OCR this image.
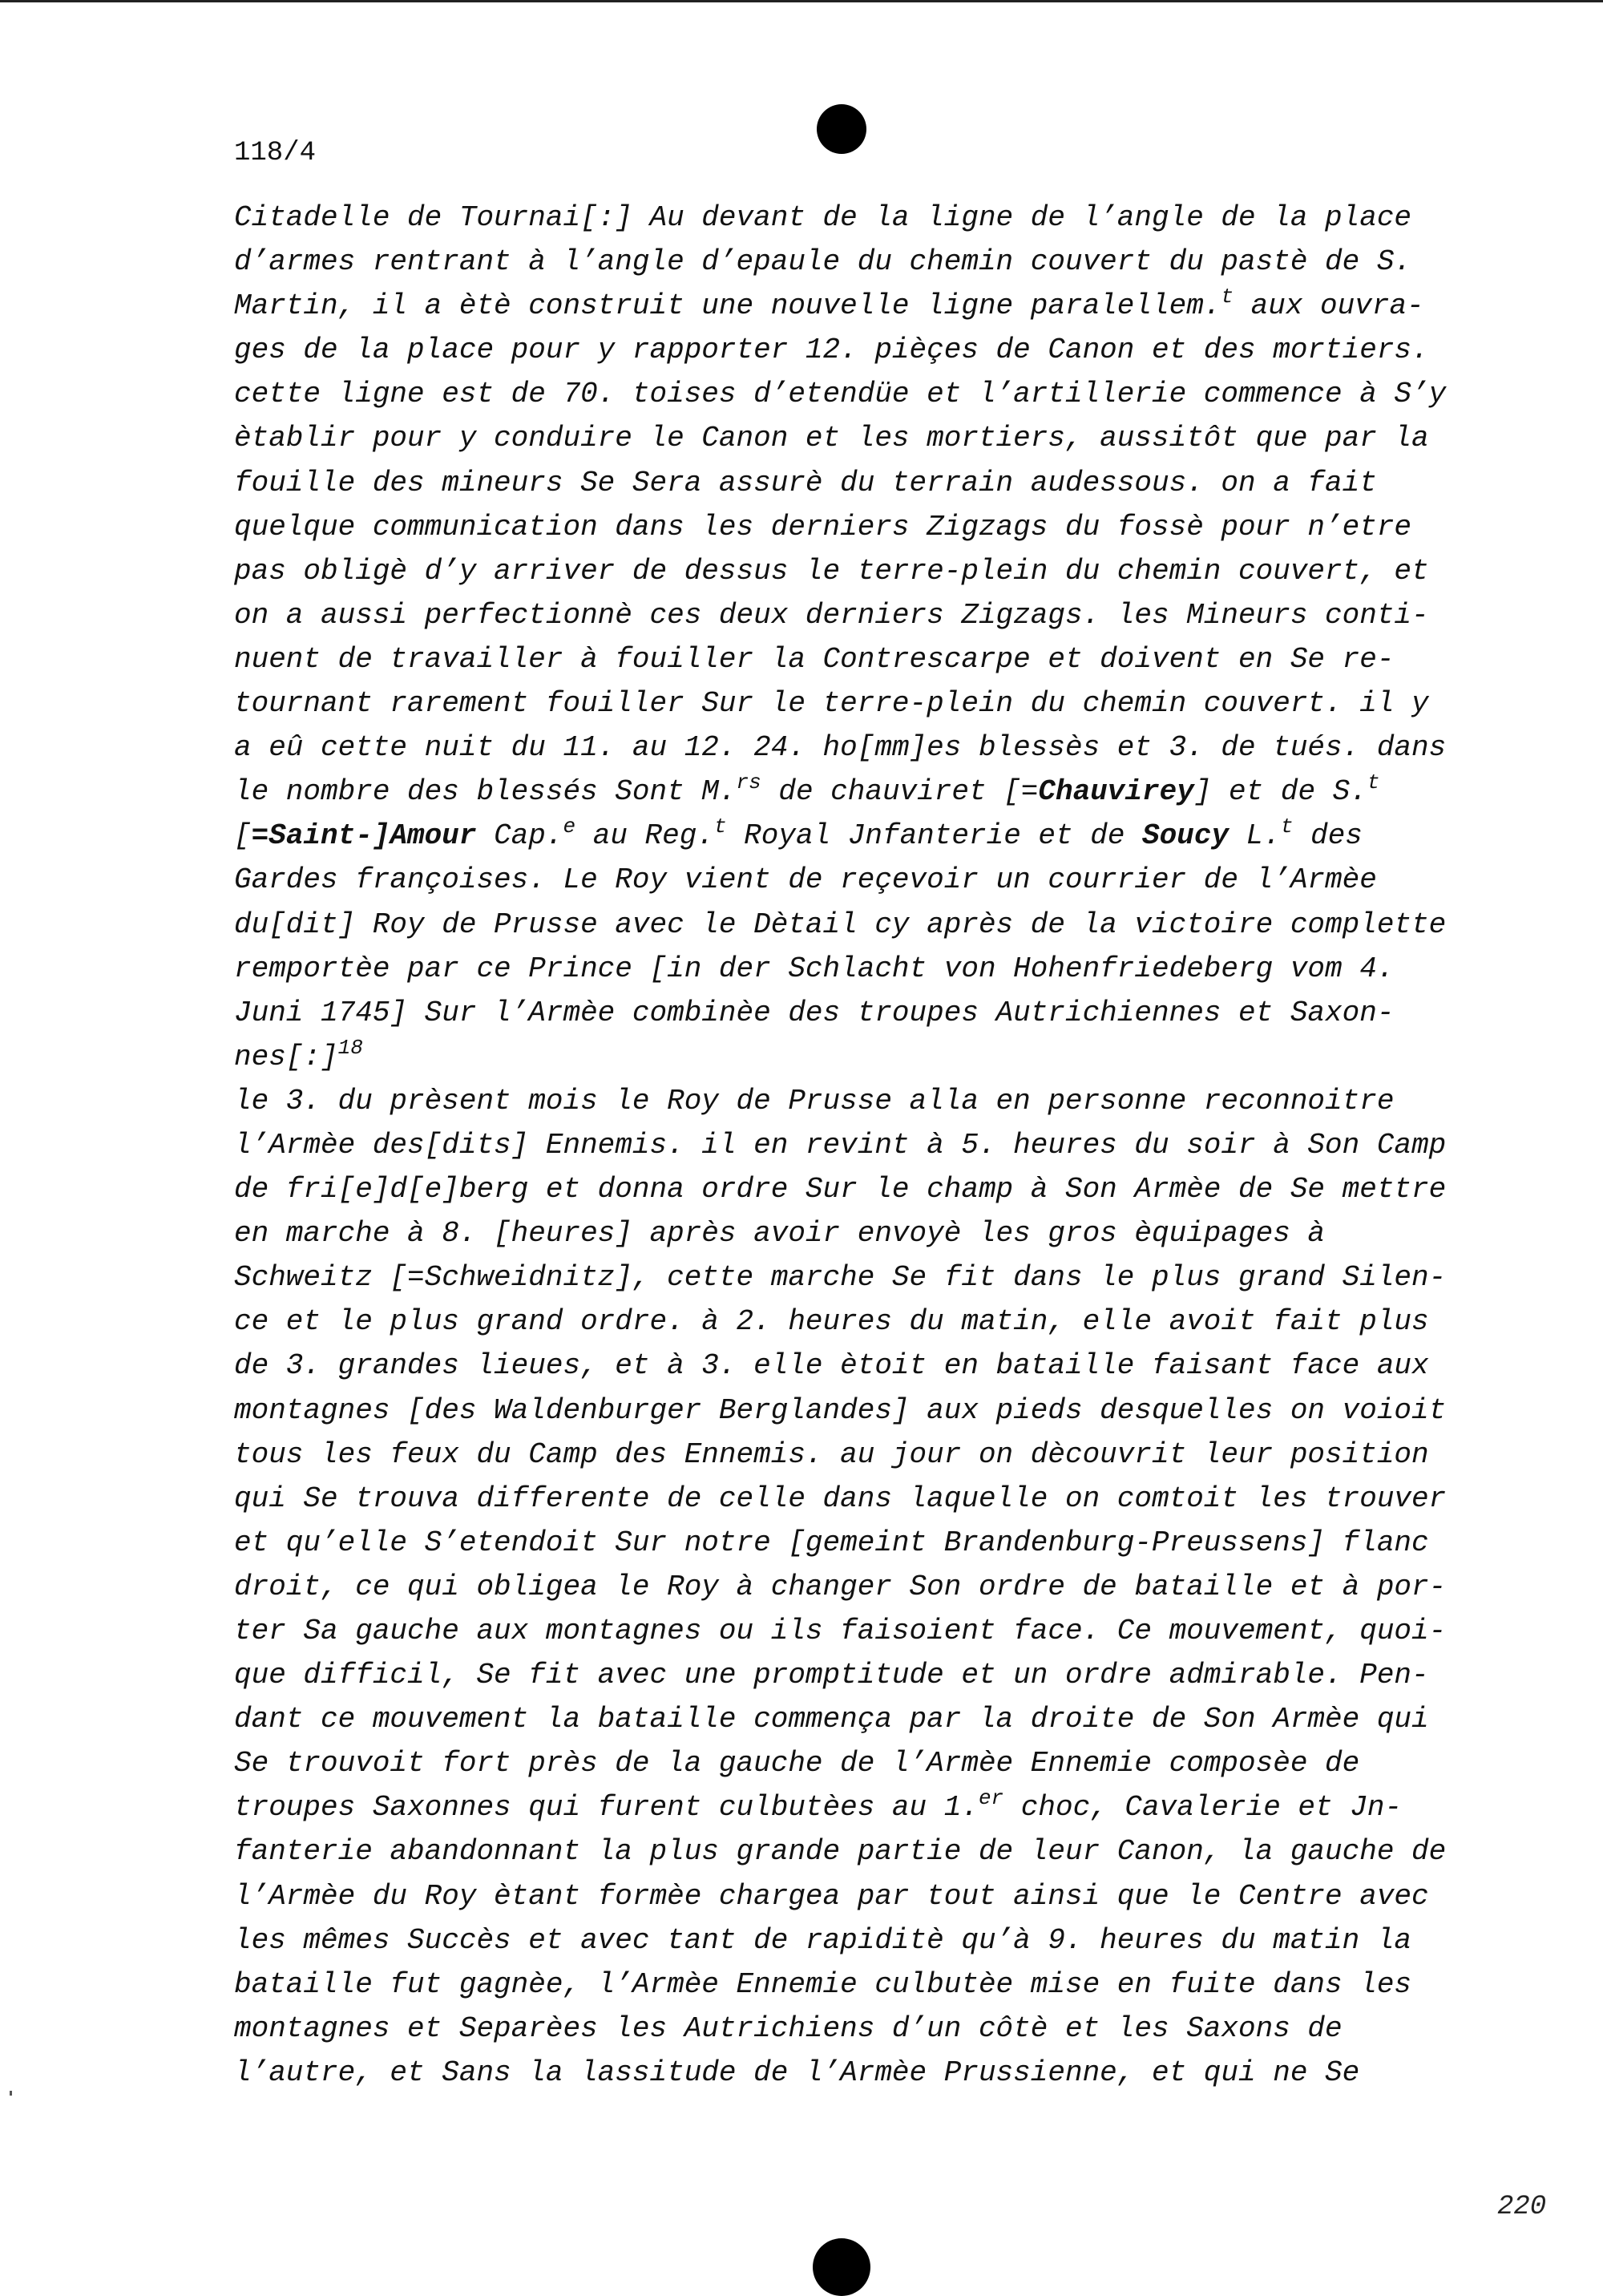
118/4
Citadelle de Tournai[:] Au devant de la ligne de l’angle de la place
d’armes rentrant à l’angle d’epaule du chemin couvert du pastè de S.
Martin, il a ètè construit une nouvelle ligne paralellem.$^t$ aux ouvra-
ges de la place pour y rapporter 12. pièçes de Canon et des mortiers.
cette ligne est de 70. toises d’etendüe et l’artillerie commence à S’y
ètablir pour y conduire le Canon et les mortiers, aussitôt que par la
fouille des mineurs Se Sera assurè du terrain audessous. on a fait
quelque communication dans les derniers Zigzags du fossè pour n’etre
pas obligè d’y arriver de dessus le terre-plein du chemin couvert, et
on a aussi perfectionnè ces deux derniers Zigzags. les Mineurs conti-
nuent de travailler à fouiller la Contrescarpe et doivent en Se re-
tournant rarement fouiller Sur le terre-plein du chemin couvert. il y
a eû cette nuit du 11. au 12. 24. ho[mm]es blessès et 3. de tués. dans
le nombre des blessés Sont M.$^{rs}$ de chauviret [=Chauvirey] et de S.$^t$
[=Saint-]Amour Cap.$^e$ au Reg.$^t$ Royal Jnfanterie et de Soucy L.$^t$ des
Gardes françoises. Le Roy vient de reçevoir un courrier de l’Armèe
du[dit] Roy de Prusse avec le Dètail cy après de la victoire complette
remportèe par ce Prince [in der Schlacht von Hohenfriedeberg vom 4.
Juni 1745] Sur l’Armèe combinèe des troupes Autrichiennes et Saxon-
nes[:]$^{18}$
le 3. du prèsent mois le Roy de Prusse alla en personne reconnoitre
l’Armèe des[dits] Ennemis. il en revint à 5. heures du soir à Son Camp
de fri[e]d[e]berg et donna ordre Sur le champ à Son Armèe de Se mettre
en marche à 8. [heures] après avoir envoyè les gros èquipages à
Schweitz [=Schweidnitz], cette marche Se fit dans le plus grand Silen-
ce et le plus grand ordre. à 2. heures du matin, elle avoit fait plus
de 3. grandes lieues, et à 3. elle ètoit en bataille faisant face aux
montagnes [des Waldenburger Berglandes] aux pieds desquelles on voioit
tous les feux du Camp des Ennemis. au jour on dècouvrit leur position
qui Se trouva differente de celle dans laquelle on comtoit les trouver
et qu’elle S’etendoit Sur notre [gemeint Brandenburg-Preussens] flanc
droit, ce qui obligea le Roy à changer Son ordre de bataille et à por-
ter Sa gauche aux montagnes ou ils faisoient face. Ce mouvement, quoi-
que difficil, Se fit avec une promptitude et un ordre admirable. Pen-
dant ce mouvement la bataille commença par la droite de Son Armèe qui
Se trouvoit fort près de la gauche de l’Armèe Ennemie composèe de
troupes Saxonnes qui furent culbutèes au 1.$^{er}$ choc, Cavalerie et Jn-
fanterie abandonnant la plus grande partie de leur Canon, la gauche de
l’Armèe du Roy ètant formèe chargea par tout ainsi que le Centre avec
les mêmes Succès et avec tant de rapiditè qu’à 9. heures du matin la
bataille fut gagnèe, l’Armèe Ennemie culbutèe mise en fuite dans les
montagnes et Separèes les Autrichiens d’un côtè et les Saxons de
l’autre, et Sans la lassitude de l’Armèe Prussienne, et qui ne Se
220
